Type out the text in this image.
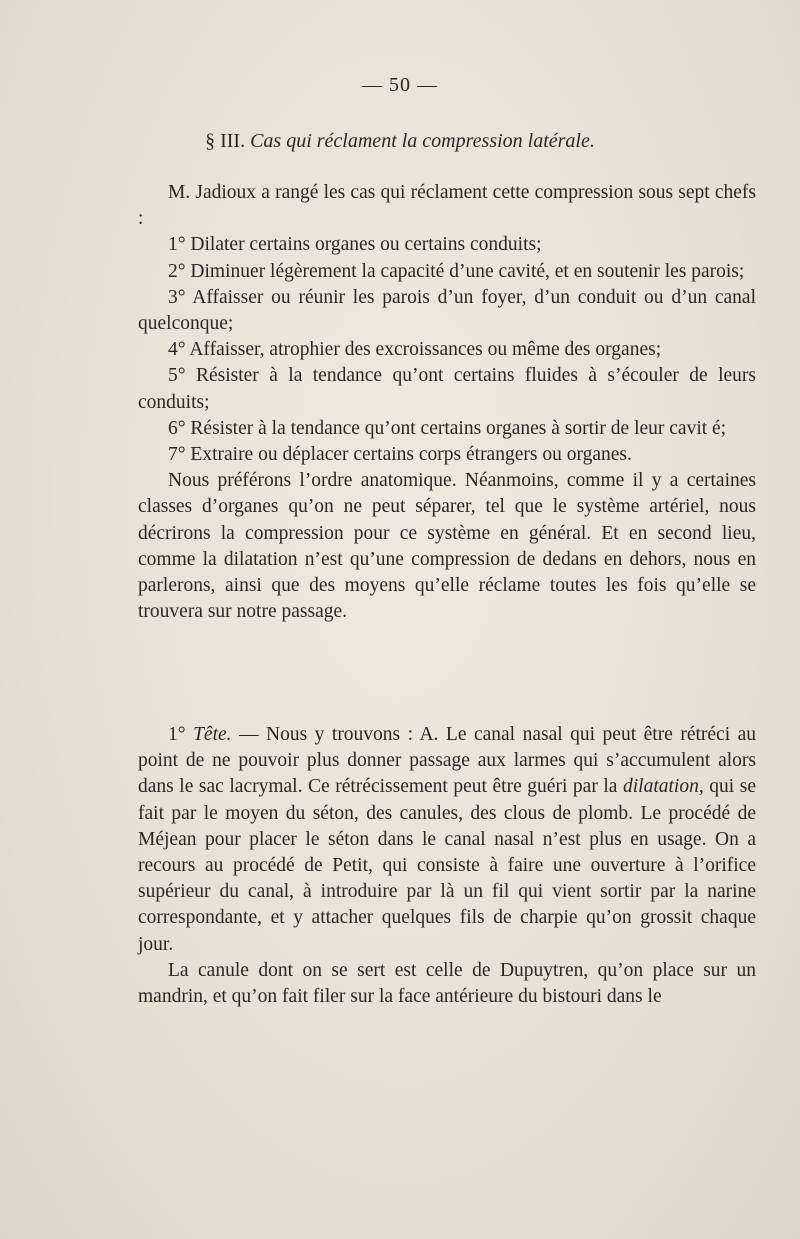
— 50 —
§ III. Cas qui réclament la compression latérale.

M. Jadioux a rangé les cas qui réclament cette compression sous sept chefs :

1° Dilater certains organes ou certains conduits;

2° Diminuer légèrement la capacité d’une cavité, et en soutenir les parois;

3° Affaisser ou réunir les parois d’un foyer, d’un conduit ou d’un canal quelconque;

4° Affaisser, atrophier des excroissances ou même des organes;

5° Résister à la tendance qu’ont certains fluides à s’écouler de leurs conduits;

6° Résister à la tendance qu’ont certains organes à sortir de leur cavit é;

7° Extraire ou déplacer certains corps étrangers ou organes.

Nous préférons l’ordre anatomique. Néanmoins, comme il y a certaines classes d’organes qu’on ne peut séparer, tel que le système artériel, nous décrirons la compression pour ce système en général. Et en second lieu, comme la dilatation n’est qu’une compression de dedans en dehors, nous en parlerons, ainsi que des moyens qu’elle réclame toutes les fois qu’elle se trouvera sur notre passage.

1° Tête. — Nous y trouvons : A. Le canal nasal qui peut être rétréci au point de ne pouvoir plus donner passage aux larmes qui s’accumulent alors dans le sac lacrymal. Ce rétrécissement peut être guéri par la dilatation, qui se fait par le moyen du séton, des canules, des clous de plomb. Le procédé de Méjean pour placer le séton dans le canal nasal n’est plus en usage. On a recours au procédé de Petit, qui consiste à faire une ouverture à l’orifice supérieur du canal, à introduire par là un fil qui vient sortir par la narine correspondante, et y attacher quelques fils de charpie qu’on grossit chaque jour.

La canule dont on se sert est celle de Dupuytren, qu’on place sur un mandrin, et qu’on fait filer sur la face antérieure du bistouri dans le
